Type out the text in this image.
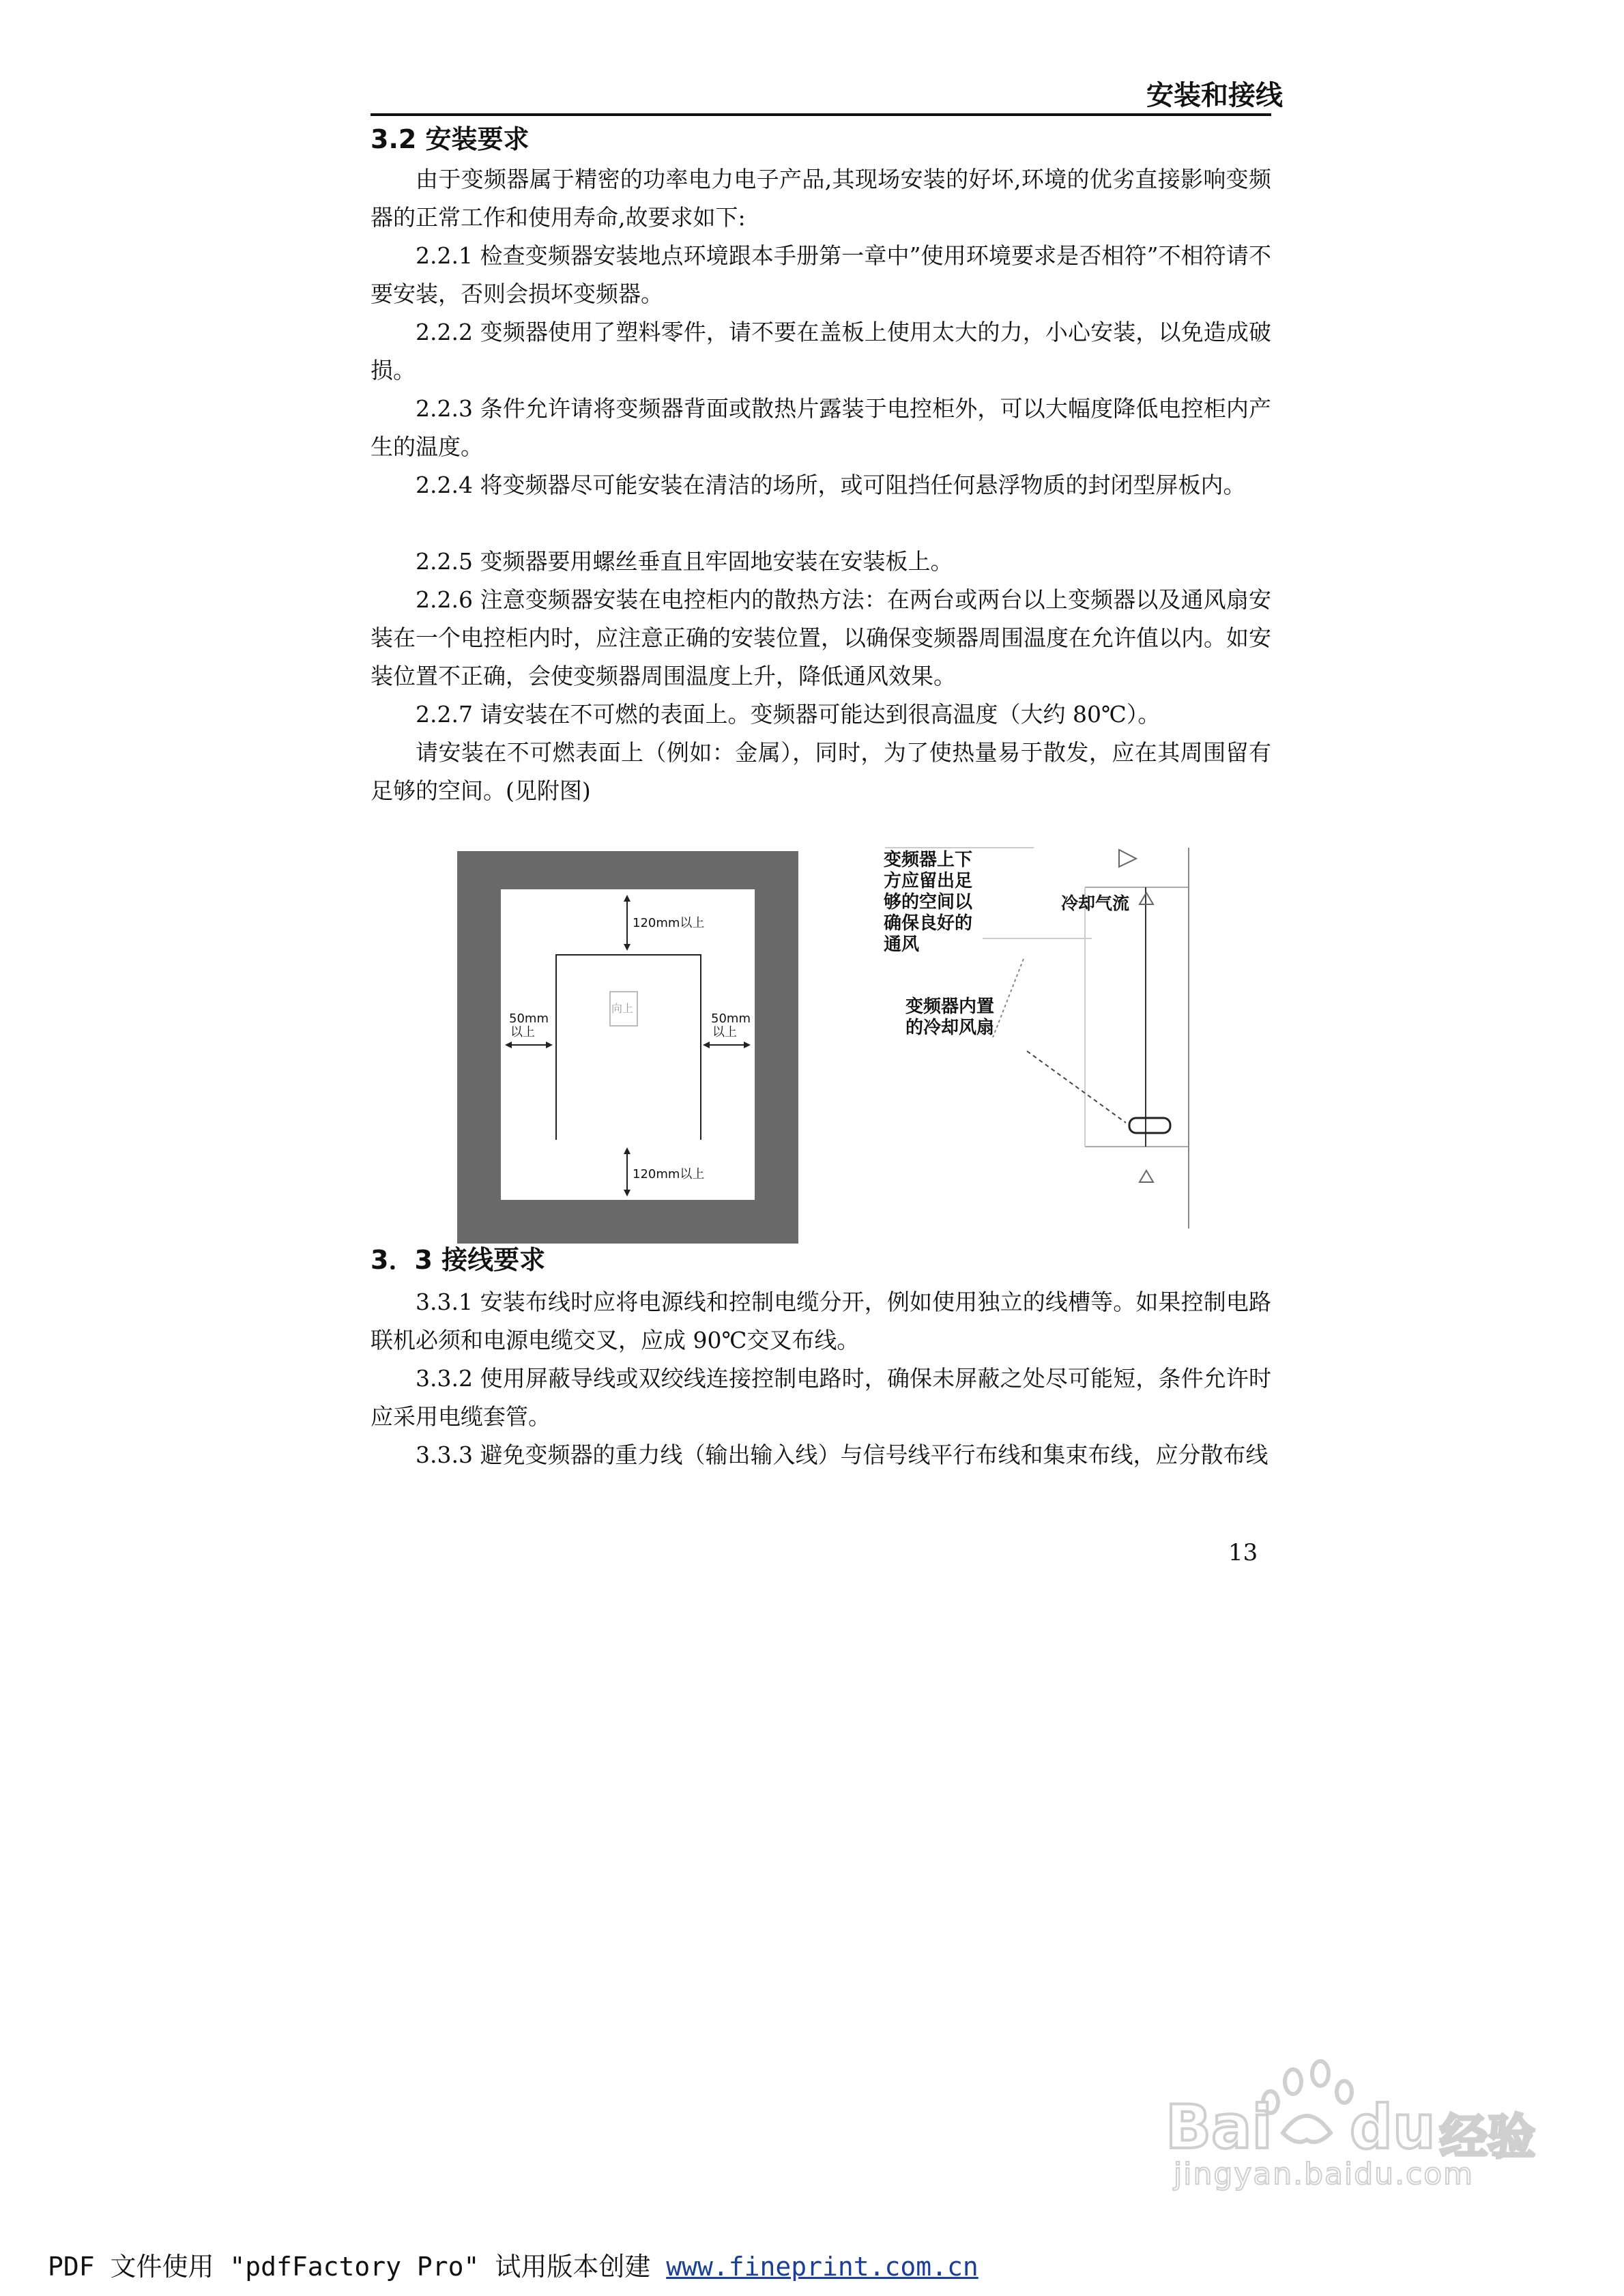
安装和接线
3.2 安装要求
由于变频器属于精密的功率电力电子产品,其现场安装的好坏,环境的优劣直接影响变频器的正常工作和使用寿命,故要求如下:
2.2.1 检查变频器安装地点环境跟本手册第一章中”使用环境要求是否相符”不相符请不要安装，否则会损坏变频器。
2.2.2 变频器使用了塑料零件，请不要在盖板上使用太大的力，小心安装，以免造成破损。
2.2.3 条件允许请将变频器背面或散热片露装于电控柜外，可以大幅度降低电控柜内产生的温度。
2.2.4 将变频器尽可能安装在清洁的场所，或可阻挡任何悬浮物质的封闭型屏板内。
2.2.5 变频器要用螺丝垂直且牢固地安装在安装板上。
2.2.6 注意变频器安装在电控柜内的散热方法：在两台或两台以上变频器以及通风扇安装在一个电控柜内时，应注意正确的安装位置，以确保变频器周围温度在允许值以内。如安装位置不正确，会使变频器周围温度上升，降低通风效果。
2.2.7 请安装在不可燃的表面上。变频器可能达到很高温度（大约 80℃）。
请安装在不可燃表面上（例如：金属），同时，为了使热量易于散发，应在其周围留有足够的空间。(见附图)
120mm以上
120mm以上
50mm
以上
50mm
以上
向上
变频器上下
方应留出足
够的空间以
确保良好的
通风
变频器内置
的冷却风扇
冷却气流
3．3 接线要求
3.3.1 安装布线时应将电源线和控制电缆分开，例如使用独立的线槽等。如果控制电路联机必须和电源电缆交叉，应成 90℃交叉布线。
3.3.2 使用屏蔽导线或双绞线连接控制电路时，确保未屏蔽之处尽可能短，条件允许时应采用电缆套管。
3.3.3 避免变频器的重力线（输出输入线）与信号线平行布线和集束布线，应分散布线
13
Bai du 经验
jingyan.baidu.com
PDF 文件使用 "pdfFactory Pro" 试用版本创建 www.fineprint.com.cn
